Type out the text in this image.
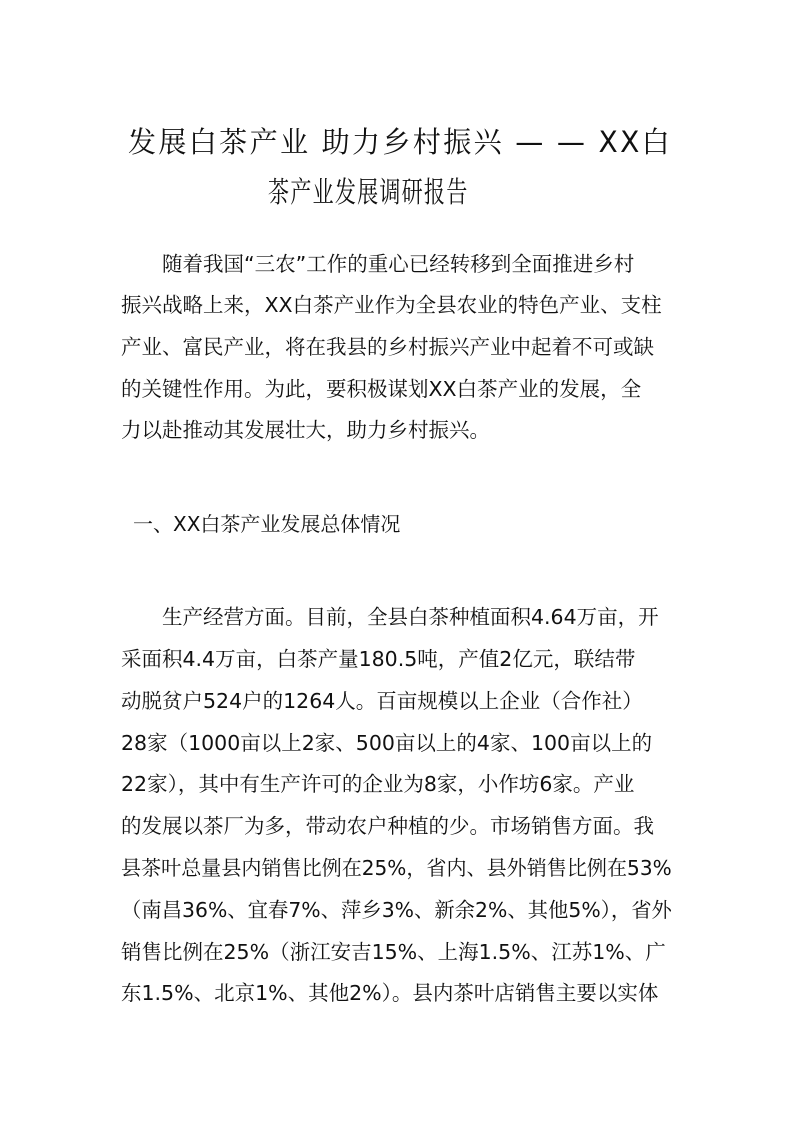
发展白茶产业 助力乡村振兴 — — XX白
茶产业发展调研报告
　　随着我国“三农”工作的重心已经转移到全面推进乡村
振兴战略上来，XX白茶产业作为全县农业的特色产业、支柱
产业、富民产业，将在我县的乡村振兴产业中起着不可或缺
的关键性作用。为此，要积极谋划XX白茶产业的发展，全
力以赴推动其发展壮大，助力乡村振兴。
一、XX白茶产业发展总体情况
　　生产经营方面。目前，全县白茶种植面积4.64万亩，开
采面积4.4万亩，白茶产量180.5吨，产值2亿元，联结带
动脱贫户524户的1264人。百亩规模以上企业（合作社）
28家（1000亩以上2家、500亩以上的4家、100亩以上的
22家），其中有生产许可的企业为8家，小作坊6家。产业
的发展以茶厂为多，带动农户种植的少。市场销售方面。我
县茶叶总量县内销售比例在25%，省内、县外销售比例在53%
（南昌36%、宜春7%、萍乡3%、新余2%、其他5%），省外
销售比例在25%（浙江安吉15%、上海1.5%、江苏1%、广
东1.5%、北京1%、其他2%）。县内茶叶店销售主要以实体
